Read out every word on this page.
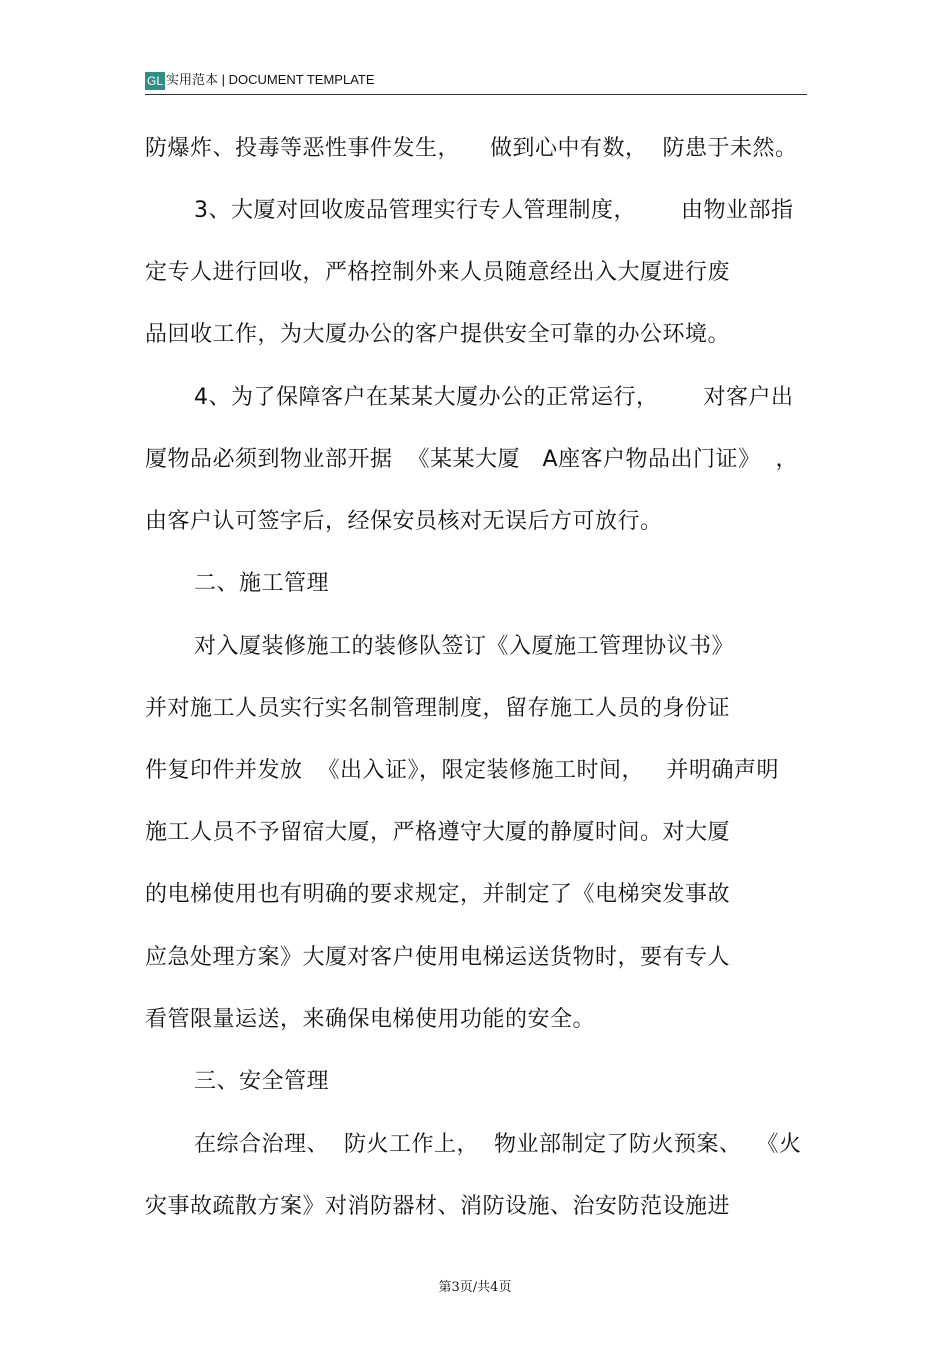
GL 实用范本 | DOCUMENT TEMPLATE
防爆炸、投毒等恶性事件发生，    做到心中有数，  防患于未然。
3、大厦对回收废品管理实行专人管理制度，      由物业部指
定专人进行回收，严格控制外来人员随意经出入大厦进行废
品回收工作，为大厦办公的客户提供安全可靠的办公环境。
4、为了保障客户在某某大厦办公的正常运行，      对客户出
厦物品必须到物业部开据  《某某大厦   A座客户物品出门证》  ，
由客户认可签字后，经保安员核对无误后方可放行。
二、施工管理
对入厦装修施工的装修队签订《入厦施工管理协议书》
并对施工人员实行实名制管理制度，留存施工人员的身份证
件复印件并发放  《出入证》，限定装修施工时间，   并明确声明
施工人员不予留宿大厦，严格遵守大厦的静厦时间。对大厦
的电梯使用也有明确的要求规定，并制定了《电梯突发事故
应急处理方案》大厦对客户使用电梯运送货物时，要有专人
看管限量运送，来确保电梯使用功能的安全。
三、安全管理
在综合治理、  防火工作上，  物业部制定了防火预案、  《火
灾事故疏散方案》对消防器材、消防设施、治安防范设施进
第3页/共4页
